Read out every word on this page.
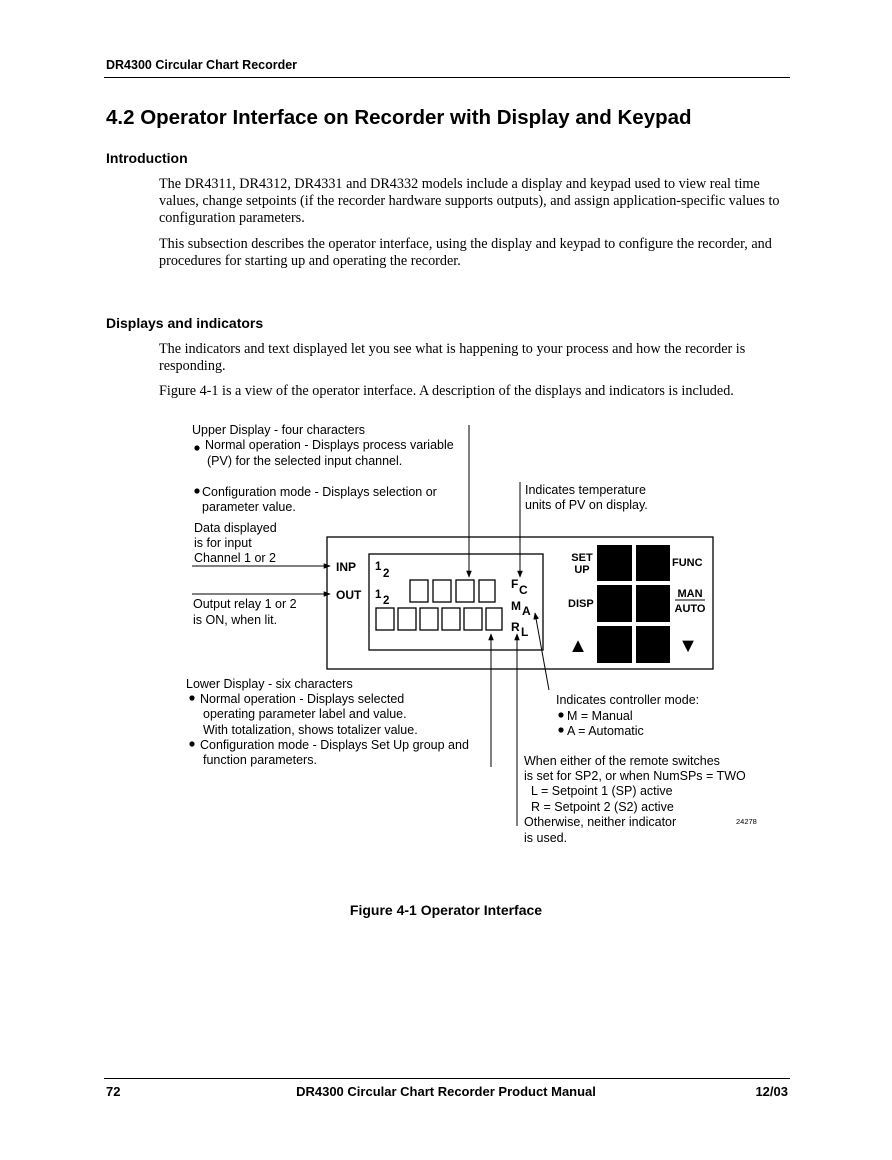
DR4300 Circular Chart Recorder
4.2 Operator Interface on Recorder with Display and Keypad
Introduction
The DR4311, DR4312, DR4331 and DR4332 models include a display and keypad used to view real time values, change setpoints (if the recorder hardware supports outputs), and assign application-specific values to configuration parameters.
This subsection describes the operator interface, using the display and keypad to configure the recorder, and procedures for starting up and operating the recorder.
Displays and indicators
The indicators and text displayed let you see what is happening to your process and how the recorder is responding.
Figure 4-1 is a view of the operator interface. A description of the displays and indicators is included.
Upper Display - four characters
Normal operation - Displays process variable
(PV) for the selected input channel.
Configuration mode - Displays selection or
parameter value.
Indicates temperature
units of PV on display.
Data displayed
is for input
Channel 1 or 2
Output relay 1 or 2
is ON, when lit.
INP
OUT
1
2
1 2
F C
M A
R L
SET
UP
FUNC
DISP
MAN
AUTO
▲	▼
Lower Display - six characters
Normal operation - Displays selected
operating parameter label and value.
With totalization, shows totalizer value.
Configuration mode - Displays Set Up group and
function parameters.
Indicates controller mode:
M = Manual
A = Automatic
When either of the remote switches
is set for SP2, or when NumSPs = TWO
L = Setpoint 1 (SP) active
R = Setpoint 2 (S2) active
Otherwise, neither indicator
is used.
24278
Figure 4-1 Operator Interface
72	DR4300 Circular Chart Recorder Product Manual	12/03
